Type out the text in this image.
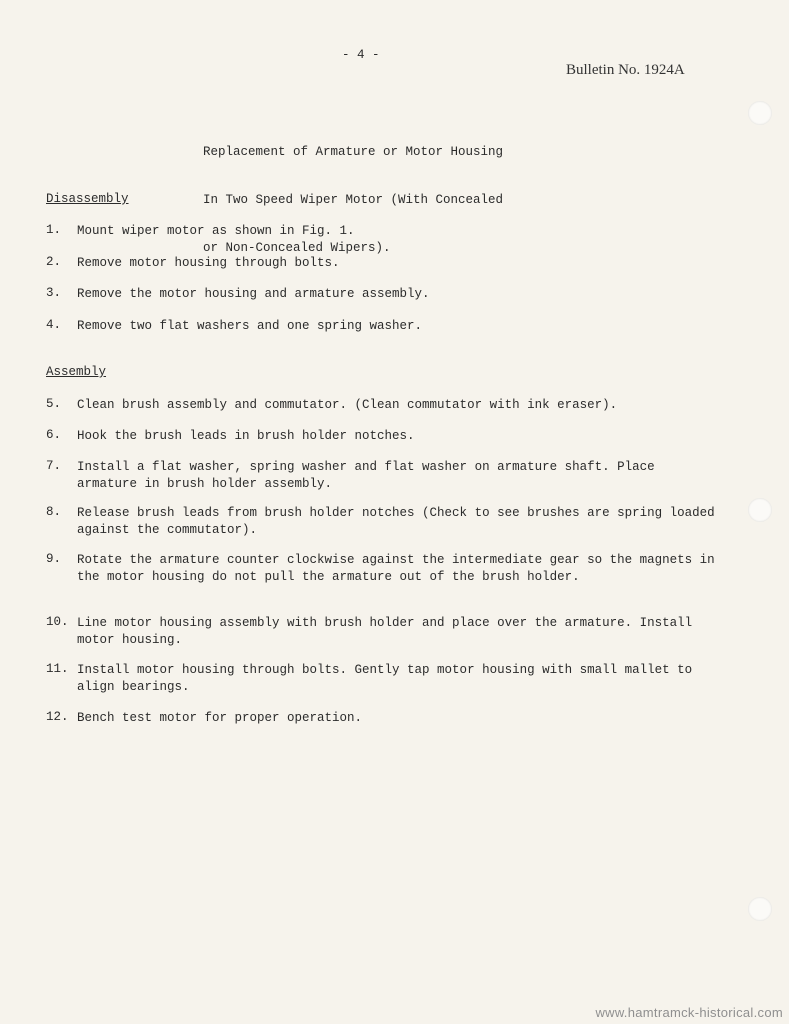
- 4 -
Bulletin No. 1924A

Replacement of Armature or Motor Housing

In Two Speed Wiper Motor (With Concealed

or Non-Concealed Wipers).

Disassembly
1.	Mount wiper motor as shown in Fig. 1.
2.	Remove motor housing through bolts.
3.	Remove the motor housing and armature assembly.
4.	Remove two flat washers and one spring washer.
Assembly
5.	Clean brush assembly and commutator. (Clean commutator with ink eraser).
6.	Hook the brush leads in brush holder notches.
7.	Install a flat washer, spring washer and flat washer on armature shaft. Place armature in brush holder assembly.
8.	Release brush leads from brush holder notches (Check to see brushes are spring loaded against the commutator).
9.	Rotate the armature counter clockwise against the intermediate gear so the magnets in the motor housing do not pull the armature out of the brush holder.
10. Line motor housing assembly with brush holder and place over the armature. Install motor housing.
11. Install motor housing through bolts. Gently tap motor housing with small mallet to align bearings.
12. Bench test motor for proper operation.
www.hamtramck-historical.com
